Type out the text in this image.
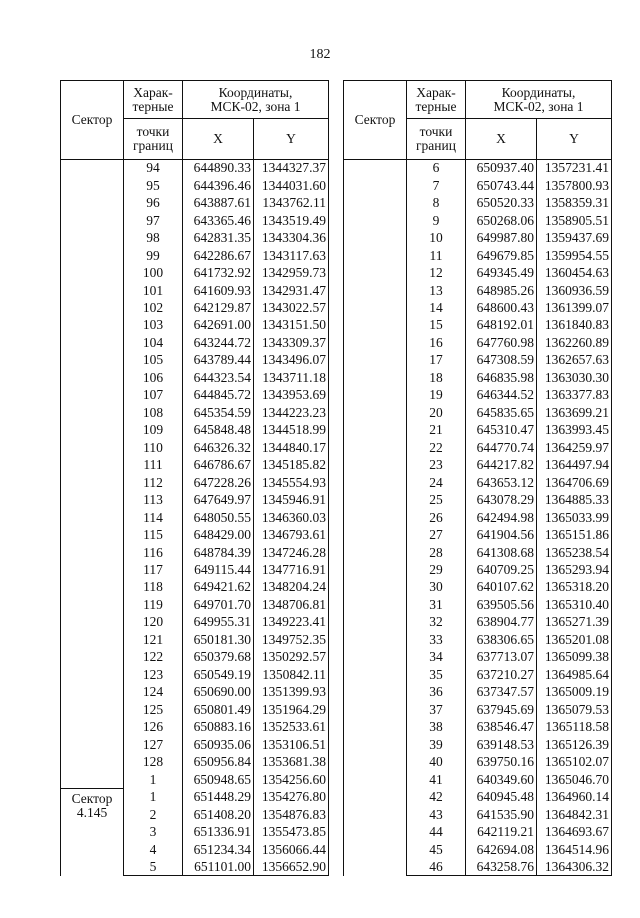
182
Сектор	Харак-
терные	Координаты,
МСК-02, зона 1	

	точки
границ	X	Y
	94	644890.33	1344327.37
	95	644396.46	1344031.60
	96	643887.61	1343762.11
	97	643365.46	1343519.49
	98	642831.35	1343304.36
	99	642286.67	1343117.63
	100	641732.92	1342959.73
	101	641609.93	1342931.47
	102	642129.87	1343022.57
	103	642691.00	1343151.50
	104	643244.72	1343309.37
	105	643789.44	1343496.07
	106	644323.54	1343711.18
	107	644845.72	1343953.69
	108	645354.59	1344223.23
	109	645848.48	1344518.99
	110	646326.32	1344840.17
	111	646786.67	1345185.82
	112	647228.26	1345554.93
	113	647649.97	1345946.91
	114	648050.55	1346360.03
	115	648429.00	1346793.61
	116	648784.39	1347246.28
	117	649115.44	1347716.91
	118	649421.62	1348204.24
	119	649701.70	1348706.81
	120	649955.31	1349223.41
	121	650181.30	1349752.35
	122	650379.68	1350292.57
	123	650549.19	1350842.11
	124	650690.00	1351399.93
	125	650801.49	1351964.29
	126	650883.16	1352533.61
	127	650935.06	1353106.51
	128	650956.84	1353681.38
	1	650948.65	1354256.60

Сектор
4.145	1	651448.29	1354276.80
	2	651408.20	1354876.83
	3	651336.91	1355473.85
	4	651234.34	1356066.44
	5	651101.00	1356652.90
Сектор	Харак-
терные	Координаты,
МСК-02, зона 1	

	точки
границ	X	Y
	6	650937.40	1357231.41
	7	650743.44	1357800.93
	8	650520.33	1358359.31
	9	650268.06	1358905.51
	10	649987.80	1359437.69
	11	649679.85	1359954.55
	12	649345.49	1360454.63
	13	648985.26	1360936.59
	14	648600.43	1361399.07
	15	648192.01	1361840.83
	16	647760.98	1362260.89
	17	647308.59	1362657.63
	18	646835.98	1363030.30
	19	646344.52	1363377.83
	20	645835.65	1363699.21
	21	645310.47	1363993.45
	22	644770.74	1364259.97
	23	644217.82	1364497.94
	24	643653.12	1364706.69
	25	643078.29	1364885.33
	26	642494.98	1365033.99
	27	641904.56	1365151.86
	28	641308.68	1365238.54
	29	640709.25	1365293.94
	30	640107.62	1365318.20
	31	639505.56	1365310.40
	32	638904.77	1365271.39
	33	638306.65	1365201.08
	34	637713.07	1365099.38
	35	637210.27	1364985.64
	36	637347.57	1365009.19
	37	637945.69	1365079.53
	38	638546.47	1365118.58
	39	639148.53	1365126.39
	40	639750.16	1365102.07
	41	640349.60	1365046.70
	42	640945.48	1364960.14
	43	641535.90	1364842.31
	44	642119.21	1364693.67
	45	642694.08	1364514.96
	46	643258.76	1364306.32
